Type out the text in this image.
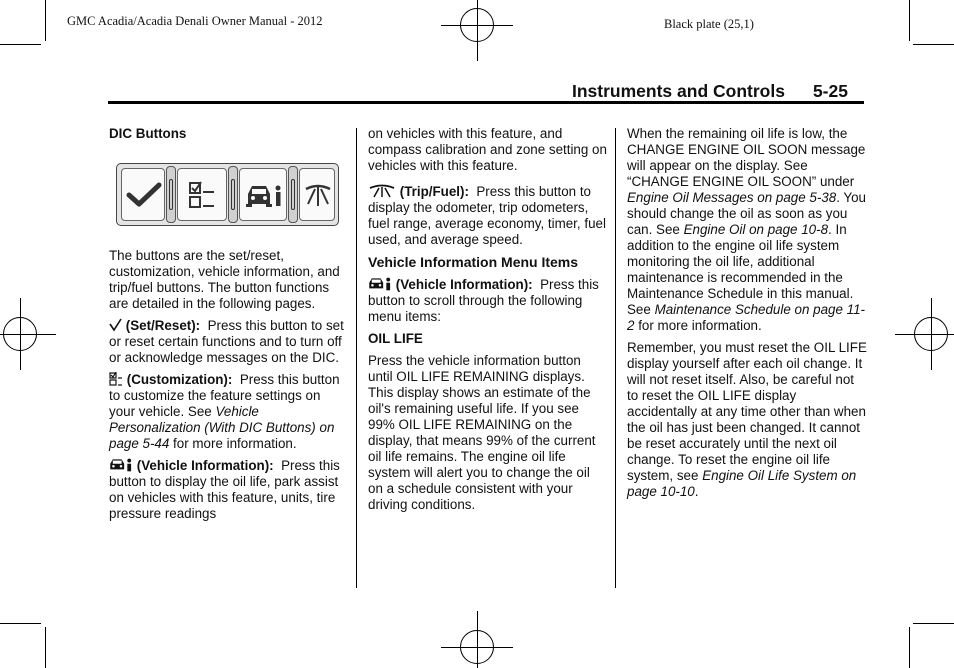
GMC Acadia/Acadia Denali Owner Manual - 2012	Black plate (25,1)
Instruments and Controls 5-25

DIC Buttons

The buttons are the set/reset, customization, vehicle information, and trip/fuel buttons. The button functions are detailed in the following pages.

(Set/Reset): Press this button to set or reset certain functions and to turn off or acknowledge messages on the DIC.

(Customization): Press this button to customize the feature settings on your vehicle. See Vehicle Personalization (With DIC Buttons) on page 5-44 for more information.

(Vehicle Information): Press this button to display the oil life, park assist on vehicles with this feature, units, tire pressure readings

on vehicles with this feature, and compass calibration and zone setting on vehicles with this feature.

(Trip/Fuel): Press this button to display the odometer, trip odometers, fuel range, average economy, timer, fuel used, and average speed.

Vehicle Information Menu Items

(Vehicle Information): Press this button to scroll through the following menu items:

OIL LIFE

Press the vehicle information button until OIL LIFE REMAINING displays. This display shows an estimate of the oil's remaining useful life. If you see 99% OIL LIFE REMAINING on the display, that means 99% of the current oil life remains. The engine oil life system will alert you to change the oil on a schedule consistent with your driving conditions.

When the remaining oil life is low, the CHANGE ENGINE OIL SOON message will appear on the display. See “CHANGE ENGINE OIL SOON” under Engine Oil Messages on page 5-38. You should change the oil as soon as you can. See Engine Oil on page 10-8. In addition to the engine oil life system monitoring the oil life, additional maintenance is recommended in the Maintenance Schedule in this manual. See Maintenance Schedule on page 11-2 for more information.

Remember, you must reset the OIL LIFE display yourself after each oil change. It will not reset itself. Also, be careful not to reset the OIL LIFE display accidentally at any time other than when the oil has just been changed. It cannot be reset accurately until the next oil change. To reset the engine oil life system, see Engine Oil Life System on page 10-10.
